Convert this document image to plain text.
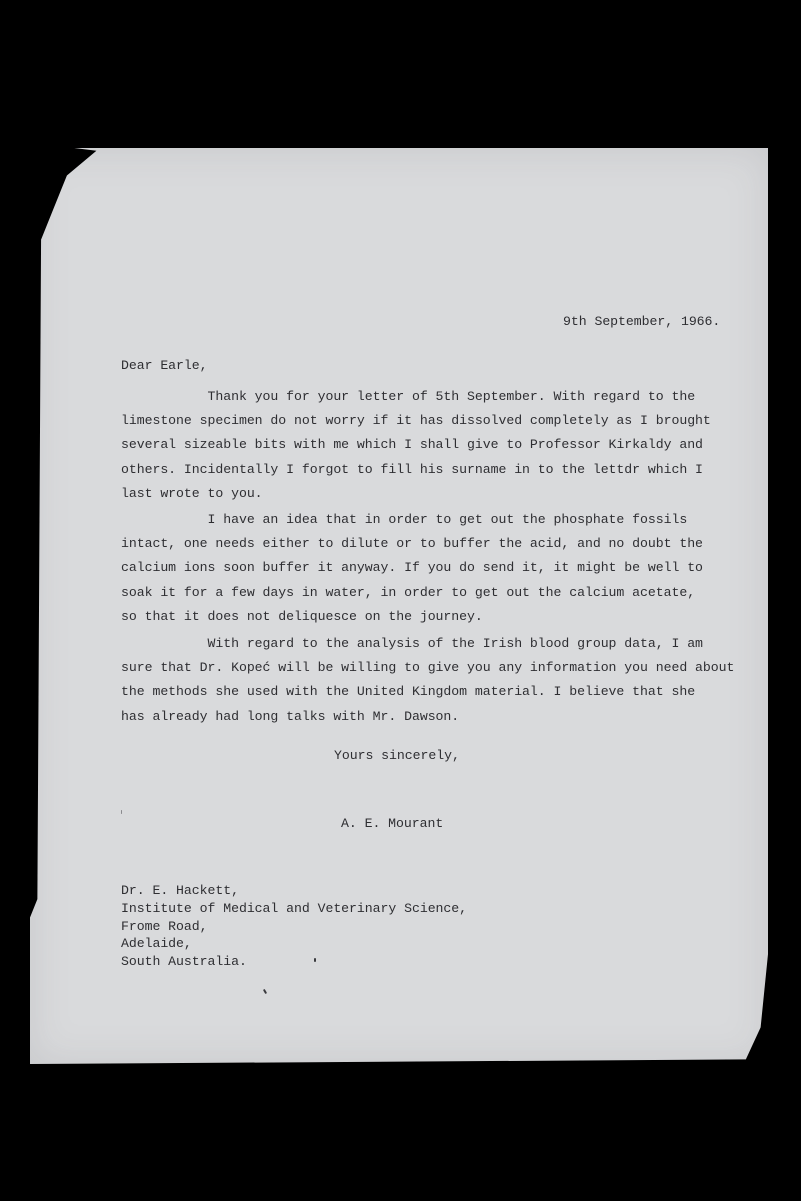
9th September, 1966.
Dear Earle,
Thank you for your letter of 5th September. With regard to the
limestone specimen do not worry if it has dissolved completely as I brought
several sizeable bits with me which I shall give to Professor Kirkaldy and
others. Incidentally I forgot to fill his surname in to the lettdr which I
last wrote to you.
I have an idea that in order to get out the phosphate fossils
intact, one needs either to dilute or to buffer the acid, and no doubt the
calcium ions soon buffer it anyway. If you do send it, it might be well to
soak it for a few days in water, in order to get out the calcium acetate,
so that it does not deliquesce on the journey.
With regard to the analysis of the Irish blood group data, I am
sure that Dr. Kopeć will be willing to give you any information you need about
the methods she used with the United Kingdom material. I believe that she
has already had long talks with Mr. Dawson.
Yours sincerely,
A. E. Mourant
Dr. E. Hackett,
Institute of Medical and Veterinary Science,
Frome Road,
Adelaide,
South Australia.
